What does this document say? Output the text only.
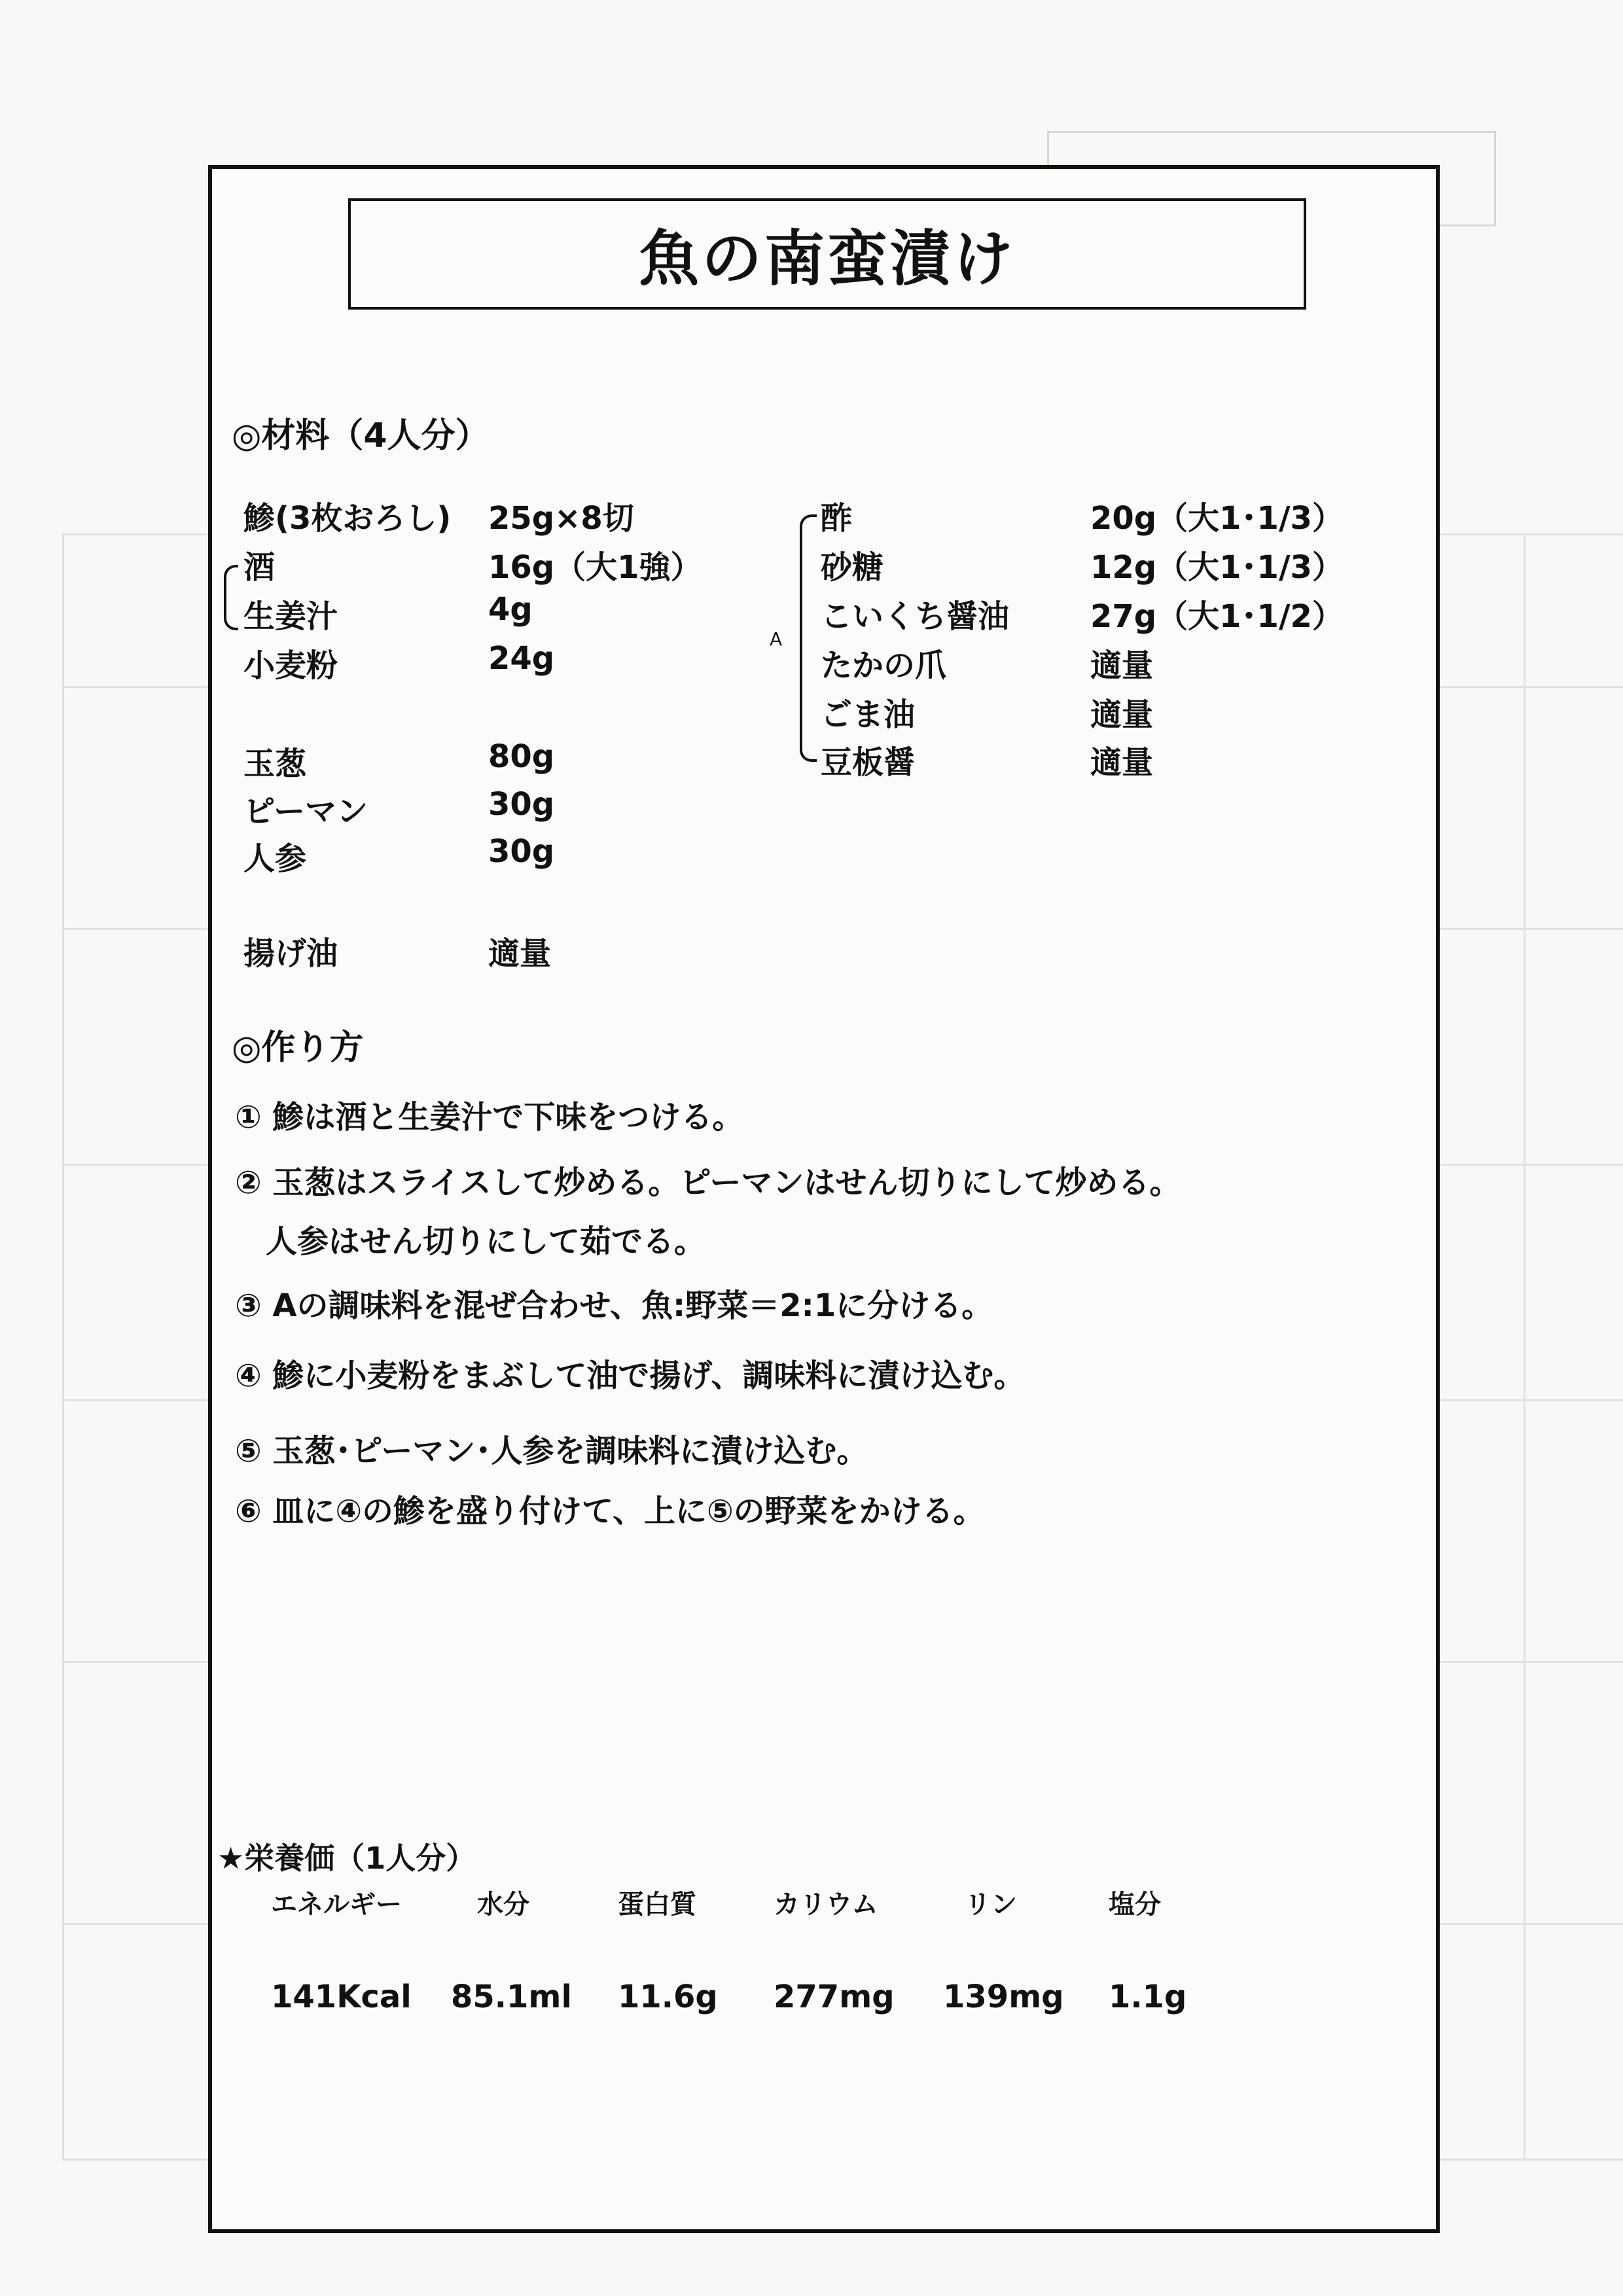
魚の南蛮漬け
◎材料（4人分）
鯵(3枚おろし) 25g×8切
酒	16g（大1強）
生姜汁	4g
小麦粉	24g
玉葱	80g
ピーマン	30g
人参	30g
揚げ油	適量
A
酢	20g（大1･1/3）
砂糖	12g（大1･1/3）
こいくち醤油	27g（大1･1/2）
たかの爪	適量
ごま油	適量
豆板醤	適量
◎作り方
① 鯵は酒と生姜汁で下味をつける。
② 玉葱はスライスして炒める。ピーマンはせん切りにして炒める。
人参はせん切りにして茹でる。
③ Aの調味料を混ぜ合わせ、魚:野菜＝2:1に分ける。
④ 鯵に小麦粉をまぶして油で揚げ、調味料に漬け込む。
⑤ 玉葱･ピーマン･人参を調味料に漬け込む。
⑥ 皿に④の鯵を盛り付けて、上に⑤の野菜をかける。
★栄養価（1人分）
エネルギー	水分	蛋白質	カリウム	リン	塩分
141Kcal 85.1ml 11.6g 277mg 139mg 1.1g
